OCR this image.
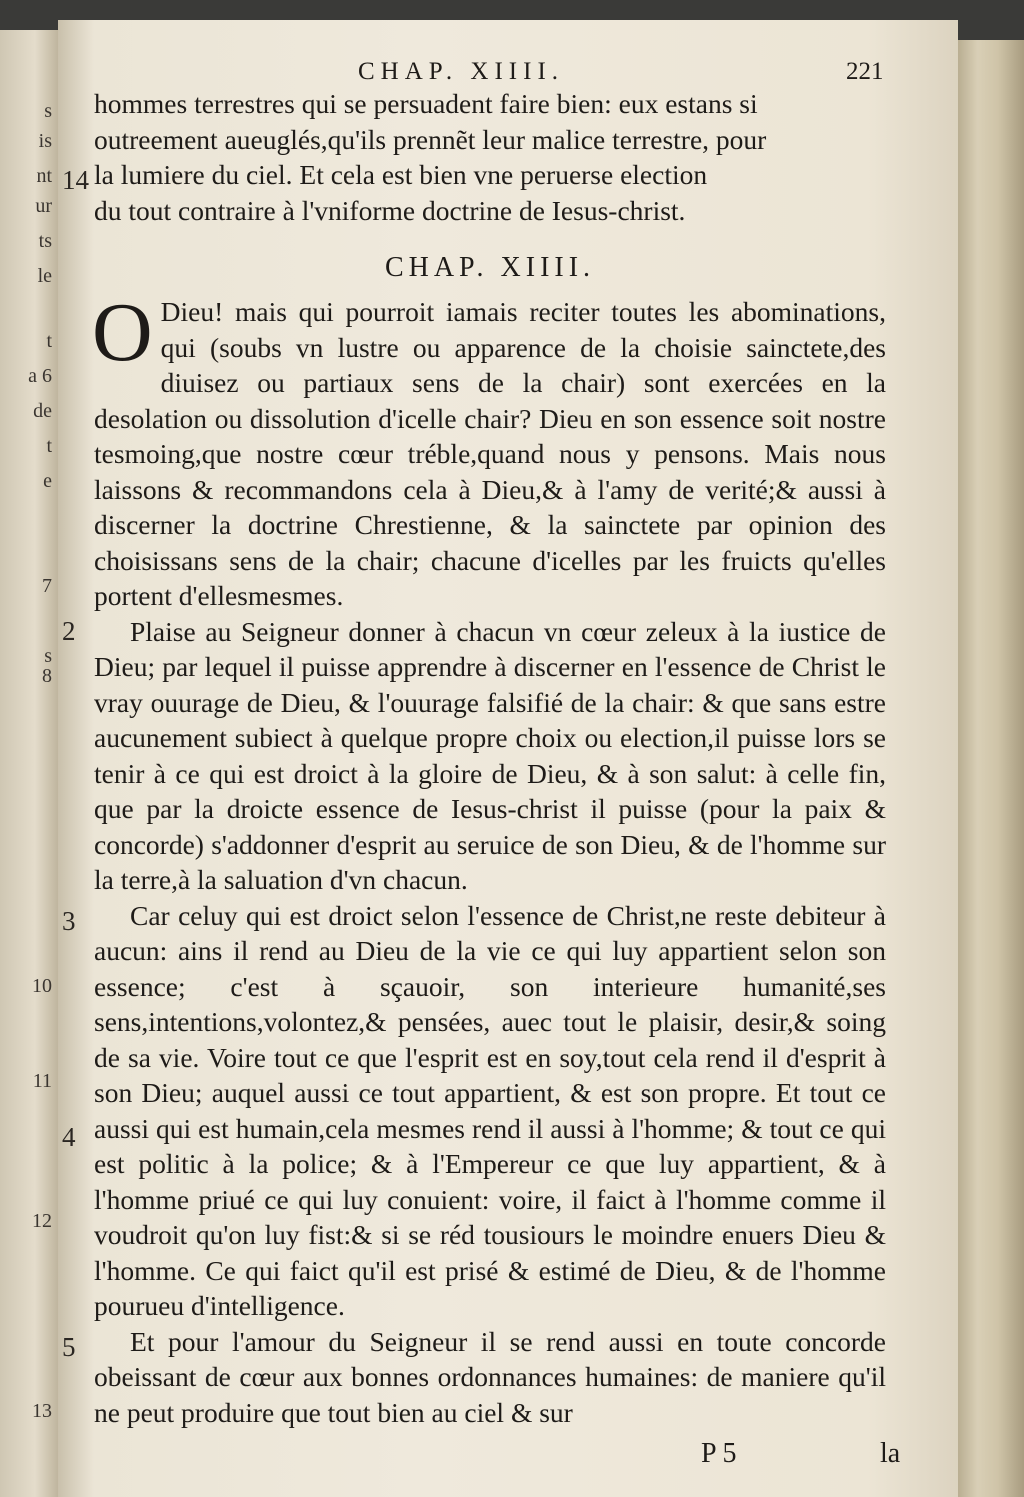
s
is
nt
ur
ts
le
t
a 6
de
t
e
7
s
8
10
11
12
13
CHAP. XIIII.	221

hommes terrestres qui se persuadent faire bien: eux estans si

outreement aueuglés,qu'ils prennẽt leur malice terrestre, pour

14 la lumiere du ciel. Et cela est bien vne peruerse election

du tout contraire à l'vniforme doctrine de Iesus-christ.

CHAP. XIIII.

O Dieu! mais qui pourroit iamais reciter toutes les abominations, qui (soubs vn lustre ou apparence de la choisie sainctete,des diuisez ou partiaux sens de la chair) sont exercées en la desolation ou dissolution d'icelle chair? Dieu en son essence soit nostre tesmoing,que nostre cœur tréble,quand nous y pensons. Mais nous laissons & recommandons cela à Dieu,& à l'amy de verité;& aussi à discerner la doctrine Chrestienne, & la sainctete par opinion des choisissans sens de la chair; chacune d'icelles par les fruicts qu'elles portent d'ellesmesmes.

2 Plaise au Seigneur donner à chacun vn cœur zeleux à la iustice de Dieu; par lequel il puisse apprendre à discerner en l'essence de Christ le vray ouurage de Dieu, & l'ouurage falsifié de la chair: & que sans estre aucunement subiect à quelque propre choix ou election,il puisse lors se tenir à ce qui est droict à la gloire de Dieu, & à son salut: à celle fin, que par la droicte essence de Iesus-christ il puisse (pour la paix & concorde) s'addonner d'esprit au seruice de son Dieu, & de l'homme sur la terre,à la saluation d'vn chacun.

3
4
Car celuy qui est droict selon l'essence de Christ,ne reste debiteur à aucun: ains il rend au Dieu de la vie ce qui luy appartient selon son essence; c'est à sçauoir, son interieure humanité,ses sens,intentions,volontez,& pensées, auec tout le plaisir, desir,& soing de sa vie. Voire tout ce que l'esprit est en soy,tout cela rend il d'esprit à son Dieu; auquel aussi ce tout appartient, & est son propre. Et tout ce aussi qui est humain,cela mesmes rend il aussi à l'homme; & tout ce qui est politic à la police; & à l'Empereur ce que luy appartient, & à l'homme priué ce qui luy conuient: voire, il faict à l'homme comme il voudroit qu'on luy fist:& si se réd tousiours le moindre enuers Dieu & l'homme. Ce qui faict qu'il est prisé & estimé de Dieu, & de l'homme pourueu d'intelligence.

5 Et pour l'amour du Seigneur il se rend aussi en toute concorde obeissant de cœur aux bonnes ordonnances humaines: de maniere qu'il ne peut produire que tout bien au ciel & sur

P 5	la
